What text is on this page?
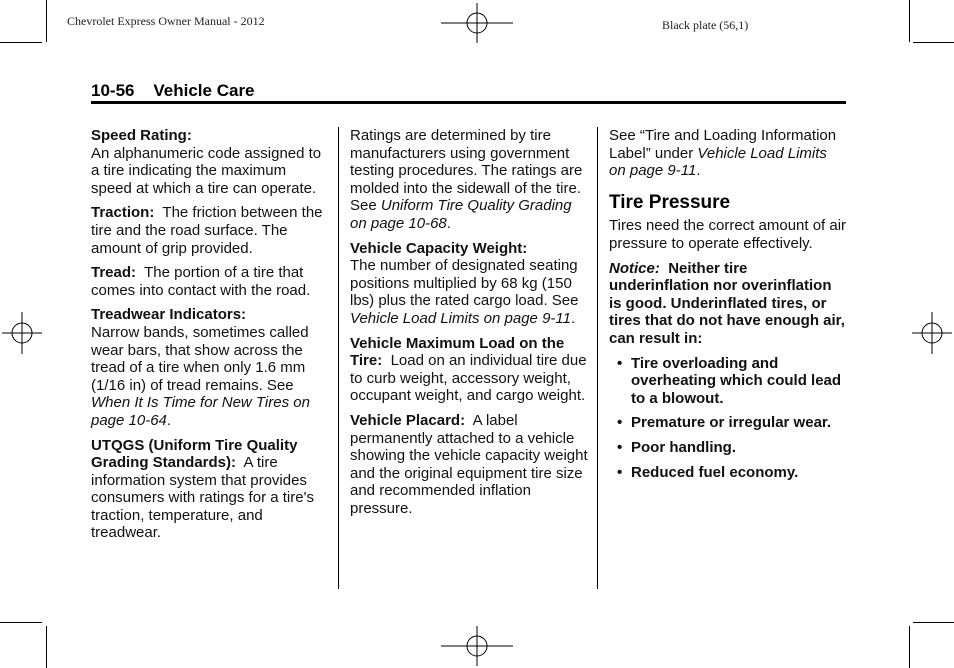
Chevrolet Express Owner Manual - 2012	Black plate (56,1)
10-56 Vehicle Care

Speed Rating:
An alphanumeric code assigned to a tire indicating the maximum speed at which a tire can operate.

Traction: The friction between the tire and the road surface. The amount of grip provided.

Tread: The portion of a tire that comes into contact with the road.

Treadwear Indicators:
Narrow bands, sometimes called wear bars, that show across the tread of a tire when only 1.6 mm (1/16 in) of tread remains. See When It Is Time for New Tires on page 10-64.

UTQGS (Uniform Tire Quality Grading Standards): A tire information system that provides consumers with ratings for a tire's traction, temperature, and treadwear.

Ratings are determined by tire manufacturers using government testing procedures. The ratings are molded into the sidewall of the tire. See Uniform Tire Quality Grading on page 10-68.

Vehicle Capacity Weight:
The number of designated seating positions multiplied by 68 kg (150 lbs) plus the rated cargo load. See Vehicle Load Limits on page 9-11.

Vehicle Maximum Load on the Tire: Load on an individual tire due to curb weight, accessory weight, occupant weight, and cargo weight.

Vehicle Placard: A label permanently attached to a vehicle showing the vehicle capacity weight and the original equipment tire size and recommended inflation pressure.

See “Tire and Loading Information Label” under Vehicle Load Limits on page 9-11.

Tire Pressure

Tires need the correct amount of air pressure to operate effectively.

Notice: Neither tire underinflation nor overinflation is good. Underinflated tires, or tires that do not have enough air, can result in:

• Tire overloading and overheating which could lead to a blowout.
• Premature or irregular wear.
• Poor handling.
• Reduced fuel economy.
